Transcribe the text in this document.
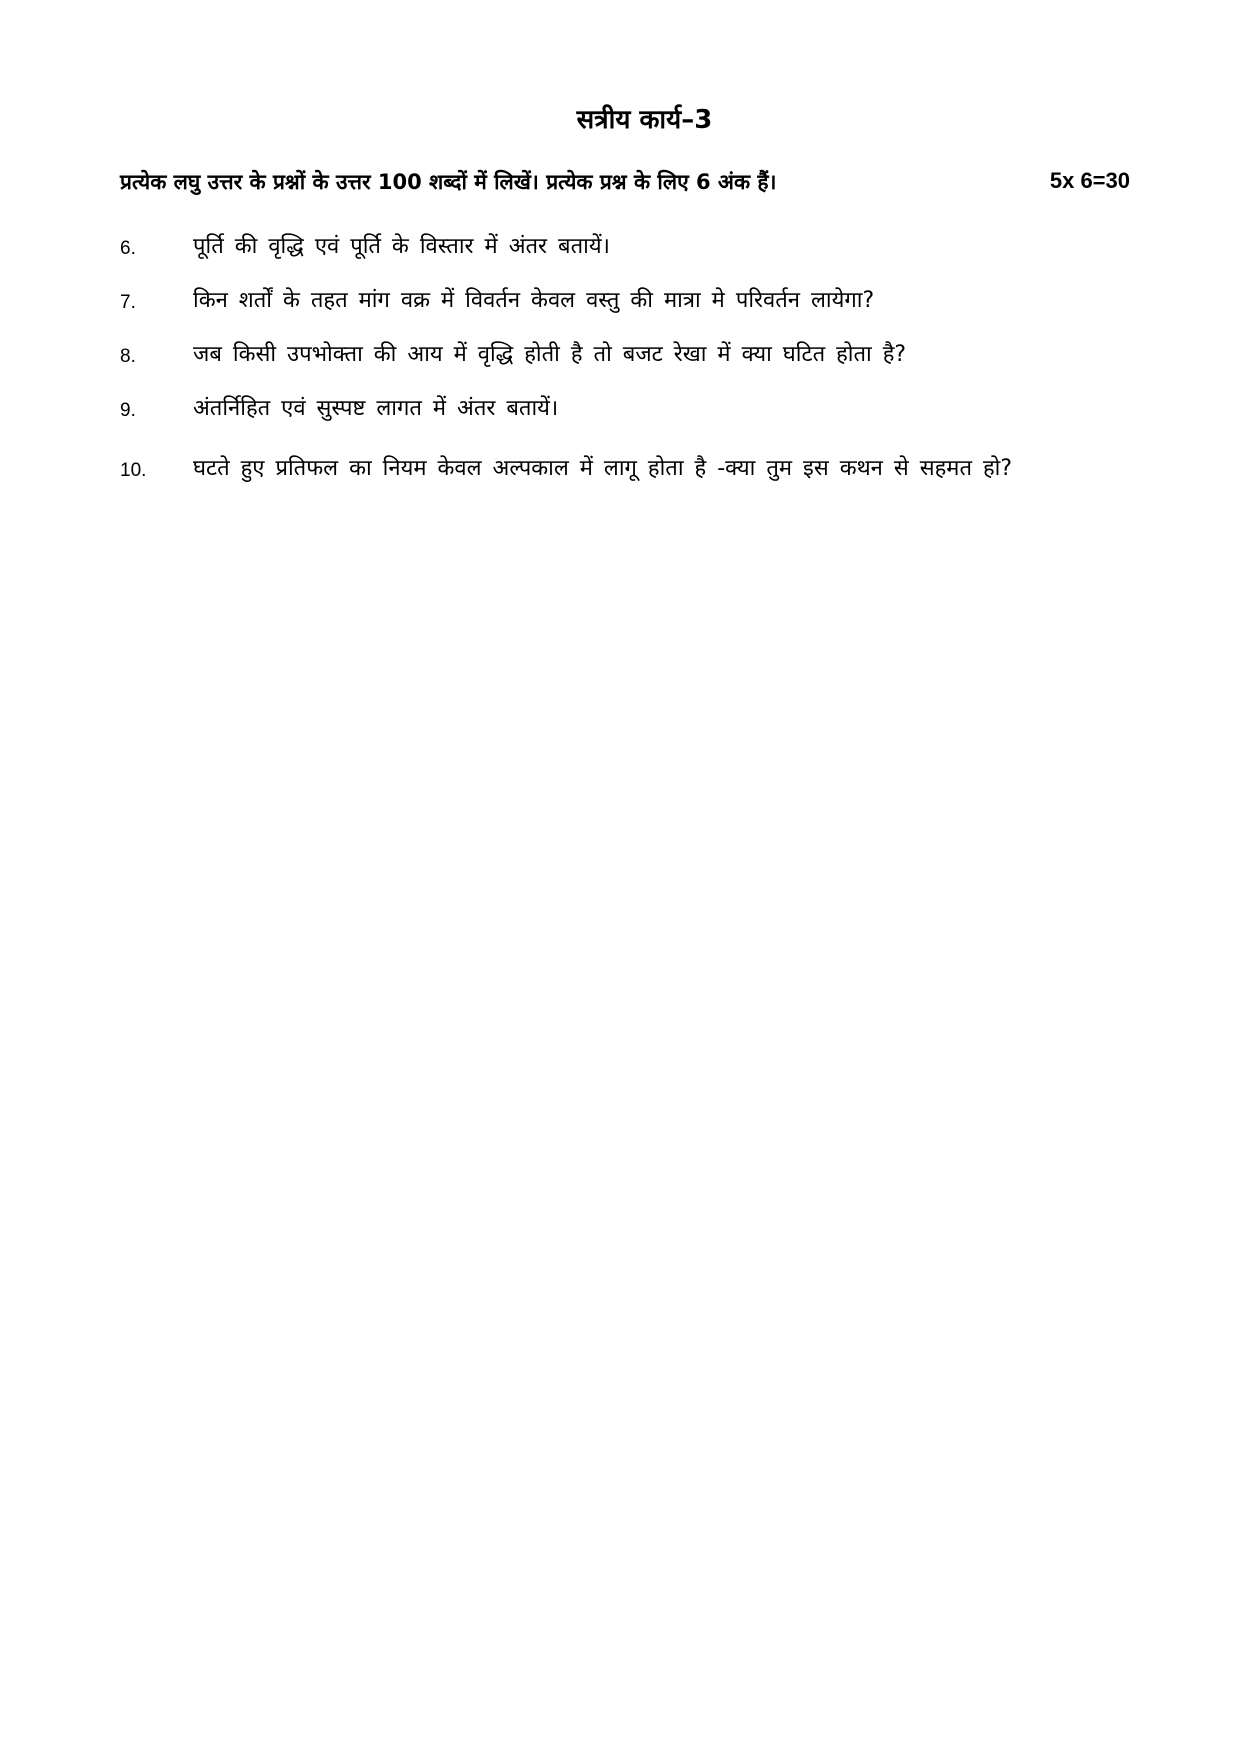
सत्रीय कार्य–3
प्रत्येक लघु उत्तर के प्रश्नों के उत्तर 100 शब्दों में लिखें। प्रत्येक प्रश्न के लिए 6 अंक हैं।	5x 6=30
6.	पूर्ति की वृद्धि एवं पूर्ति के विस्तार में अंतर बतायें।
7.	किन शर्तों के तहत मांग वक्र में विवर्तन केवल वस्तु की मात्रा मे परिवर्तन लायेगा?
8.	जब किसी उपभोक्ता की आय में वृद्धि होती है तो बजट रेखा में क्या घटित होता है?
9.	अंतर्निहित एवं सुस्पष्ट लागत में अंतर बतायें।
10. घटते हुए प्रतिफल का नियम केवल अल्पकाल में लागू होता है -क्या तुम इस कथन से सहमत हो?
